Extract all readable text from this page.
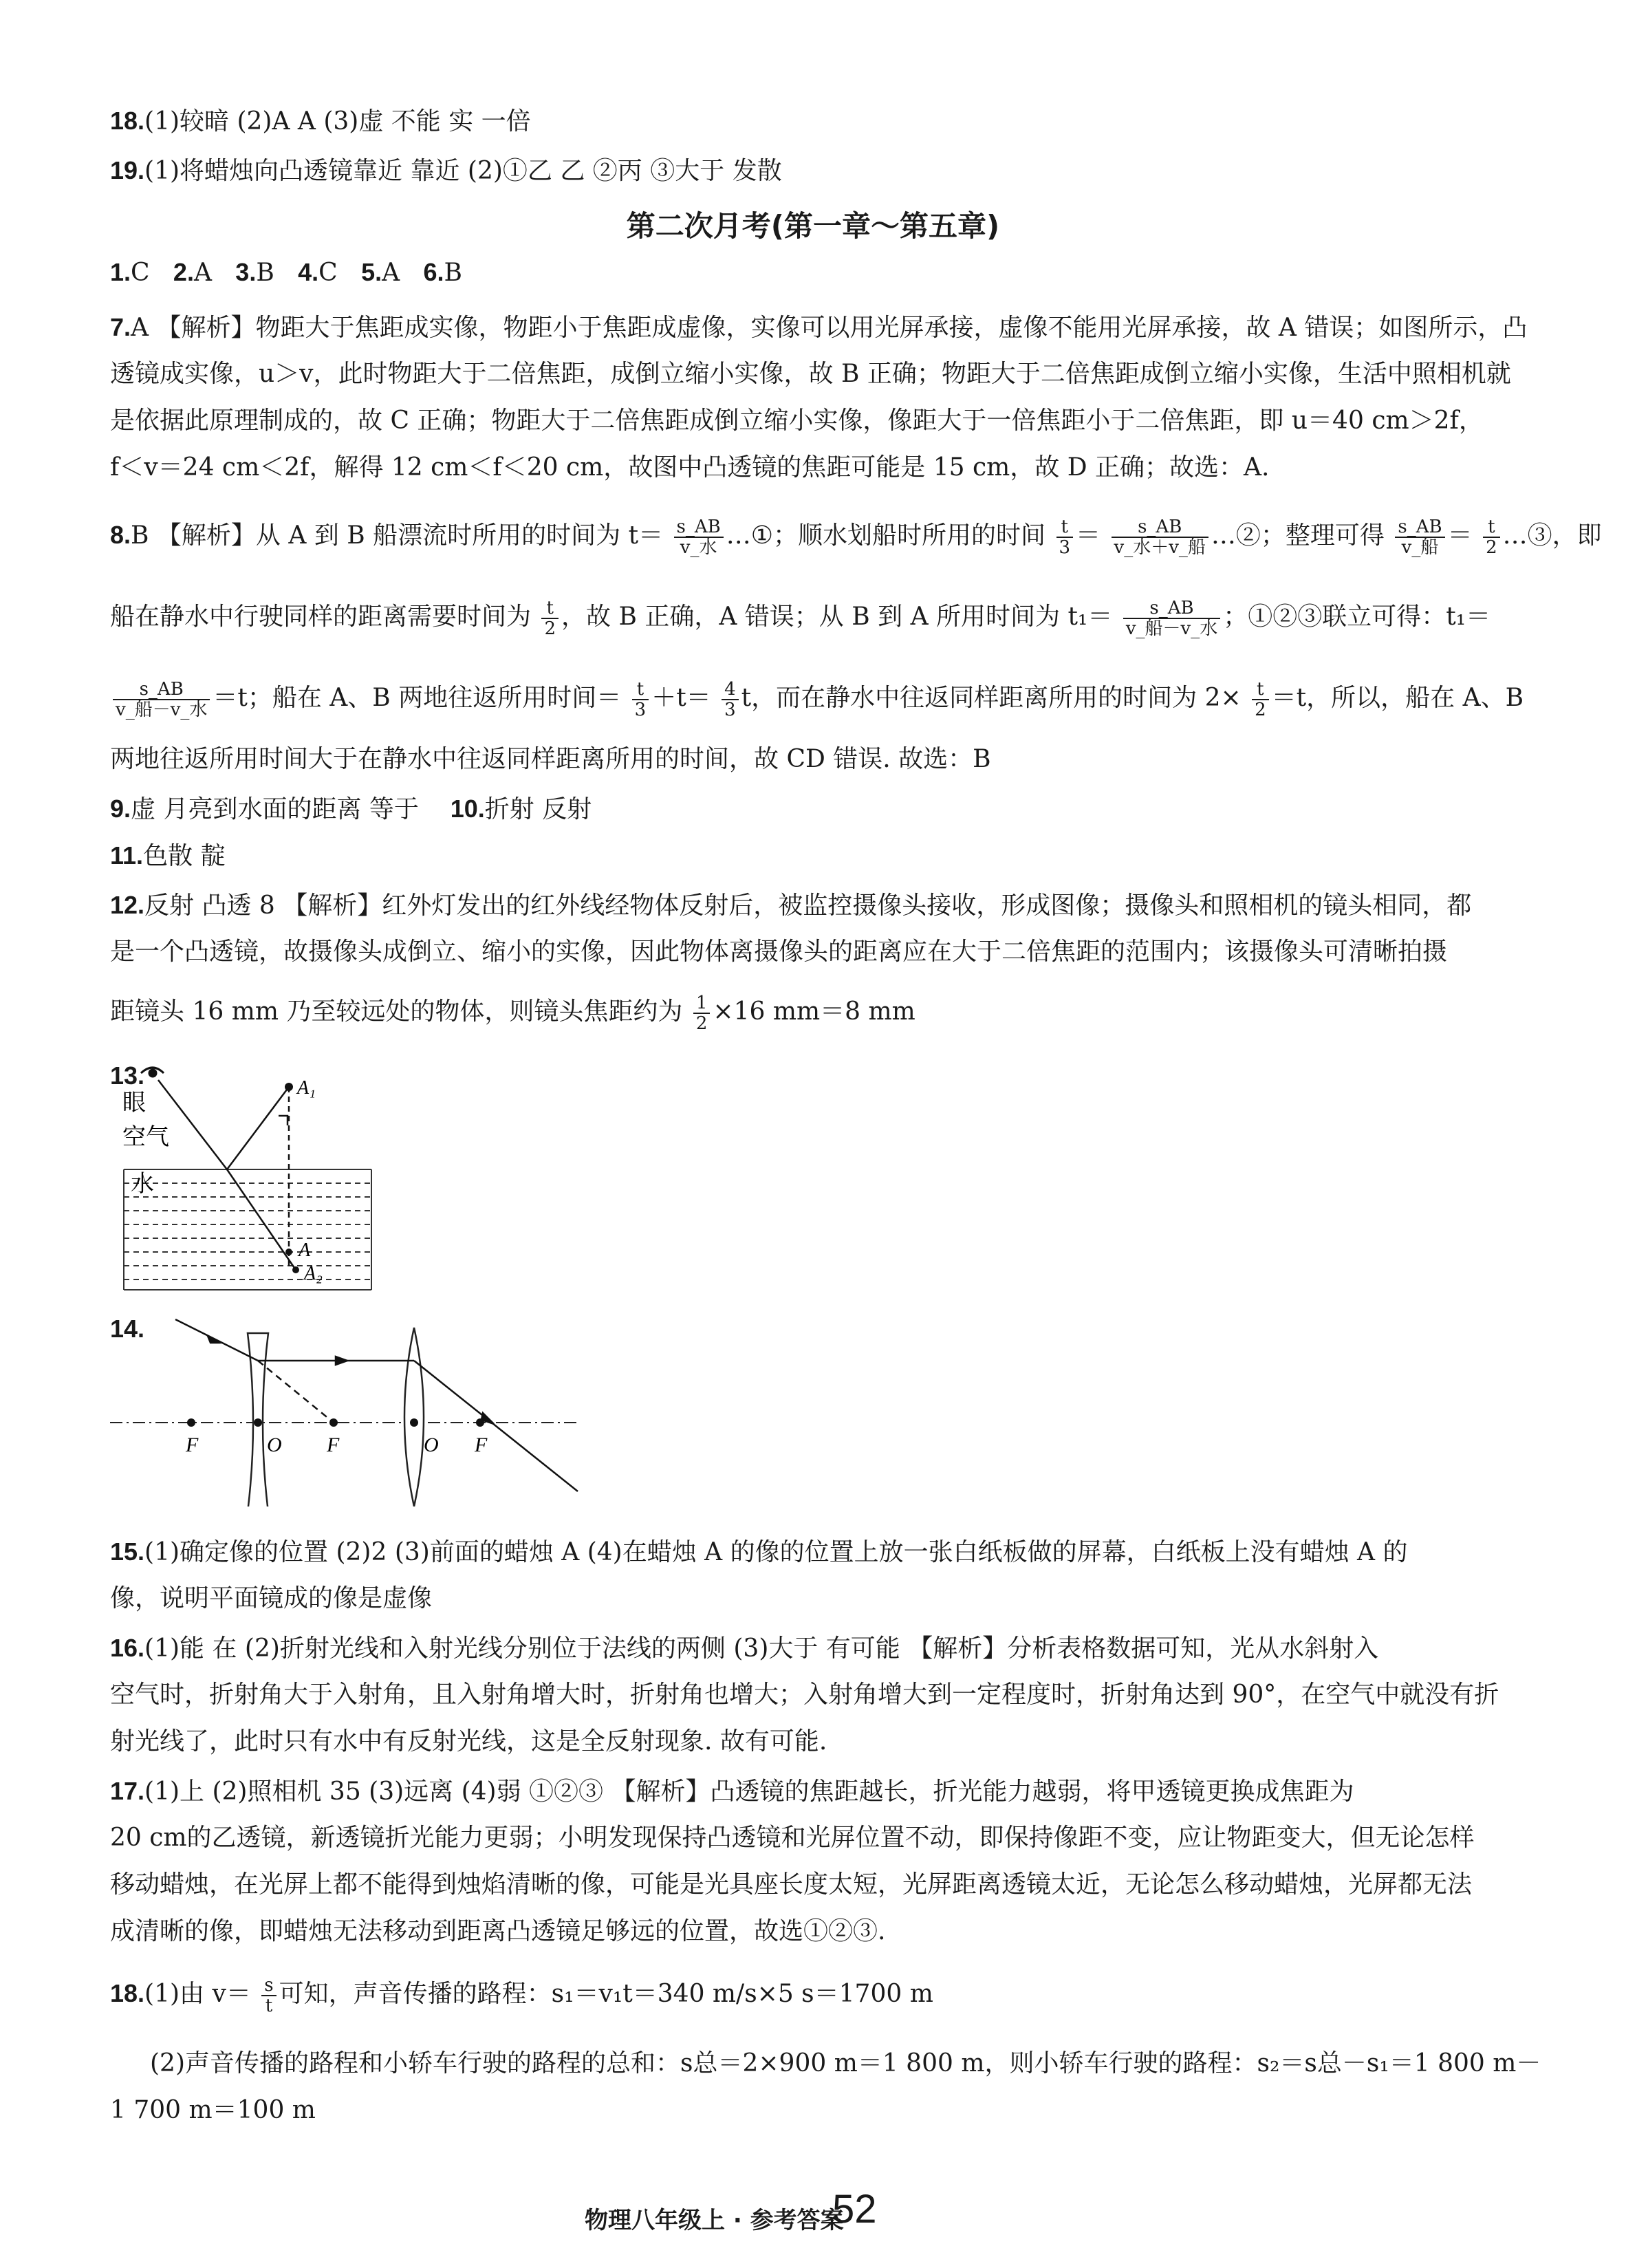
18.(1)较暗 (2)A A (3)虚 不能 实 一倍
19.(1)将蜡烛向凸透镜靠近 靠近 (2)①乙 乙 ②丙 ③大于 发散
第二次月考(第一章～第五章)
1.C 2.A 3.B 4.C 5.A 6.B
7.A 【解析】物距大于焦距成实像，物距小于焦距成虚像，实像可以用光屏承接，虚像不能用光屏承接，故 A 错误；如图所示，凸
透镜成实像，u＞v，此时物距大于二倍焦距，成倒立缩小实像，故 B 正确；物距大于二倍焦距成倒立缩小实像，生活中照相机就
是依据此原理制成的，故 C 正确；物距大于二倍焦距成倒立缩小实像，像距大于一倍焦距小于二倍焦距，即 u＝40 cm＞2f，
f＜v＝24 cm＜2f，解得 12 cm＜f＜20 cm，故图中凸透镜的焦距可能是 15 cm，故 D 正确；故选：A.
8.B 【解析】从 A 到 B 船漂流时所用的时间为 $t= \frac{s\_AB}{\text{v\_水}}$ …①；顺水划船时所用的时间 $\frac{t}{3} = \frac{s\_AB}{\text{v\_水＋v\_船}}$ …②；整理可得 $\frac{s\_AB}{\text{v\_船}} = \frac{t}{2}$ …③，即
船在静水中行驶同样的距离需要时间为 $\frac{t}{2}$ ，故 B 正确，A 错误；从 B 到 A 所用时间为 $t_1= \frac{s\_AB}{\text{v\_船－v\_水}}$ ；①②③联立可得：t₁＝
$\frac{s\_AB}{\text{v\_船－v\_水}} =t$；船在 A、B 两地往返所用时间＝ $\frac{t}{3} +t= \frac{4}{3}$ t，而在静水中往返同样距离所用的时间为 $2\times \frac{t}{2} =t$，所以，船在 A、B
两地往返所用时间大于在静水中往返同样距离所用的时间，故 CD 错误. 故选：B
9.虚 月亮到水面的距离 等于 10.折射 反射
11.色散 靛
12.反射 凸透 8 【解析】红外灯发出的红外线经物体反射后，被监控摄像头接收，形成图像；摄像头和照相机的镜头相同，都
是一个凸透镜，故摄像头成倒立、缩小的实像，因此物体离摄像头的距离应在大于二倍焦距的范围内；该摄像头可清晰拍摄
距镜头 16 mm 乃至较远处的物体，则镜头焦距约为 $\frac{1}{2} \times 16$ mm＝8 mm
13.
眼
空气
水
A₁
A
A₂
14.
F	O F	O F
15.(1)确定像的位置 (2)2 (3)前面的蜡烛 A (4)在蜡烛 A 的像的位置上放一张白纸板做的屏幕，白纸板上没有蜡烛 A 的
像，说明平面镜成的像是虚像
16.(1)能 在 (2)折射光线和入射光线分别位于法线的两侧 (3)大于 有可能 【解析】分析表格数据可知，光从水斜射入
空气时，折射角大于入射角，且入射角增大时，折射角也增大；入射角增大到一定程度时，折射角达到 90°，在空气中就没有折
射光线了，此时只有水中有反射光线，这是全反射现象. 故有可能.
17.(1)上 (2)照相机 35 (3)远离 (4)弱 ①②③ 【解析】凸透镜的焦距越长，折光能力越弱，将甲透镜更换成焦距为
20 cm的乙透镜，新透镜折光能力更弱；小明发现保持凸透镜和光屏位置不动，即保持像距不变，应让物距变大，但无论怎样
移动蜡烛，在光屏上都不能得到烛焰清晰的像，可能是光具座长度太短，光屏距离透镜太近，无论怎么移动蜡烛，光屏都无法
成清晰的像，即蜡烛无法移动到距离凸透镜足够远的位置，故选①②③.
18.(1)由 $v= \frac{s}{t}$ 可知，声音传播的路程：s₁＝v₁t＝340 m/s×5 s＝1700 m
(2)声音传播的路程和小轿车行驶的路程的总和：s总＝2×900 m＝1 800 m，则小轿车行驶的路程：s₂＝s总－s₁＝1 800 m－
1 700 m＝100 m
物理八年级上 · 参考答案
52
